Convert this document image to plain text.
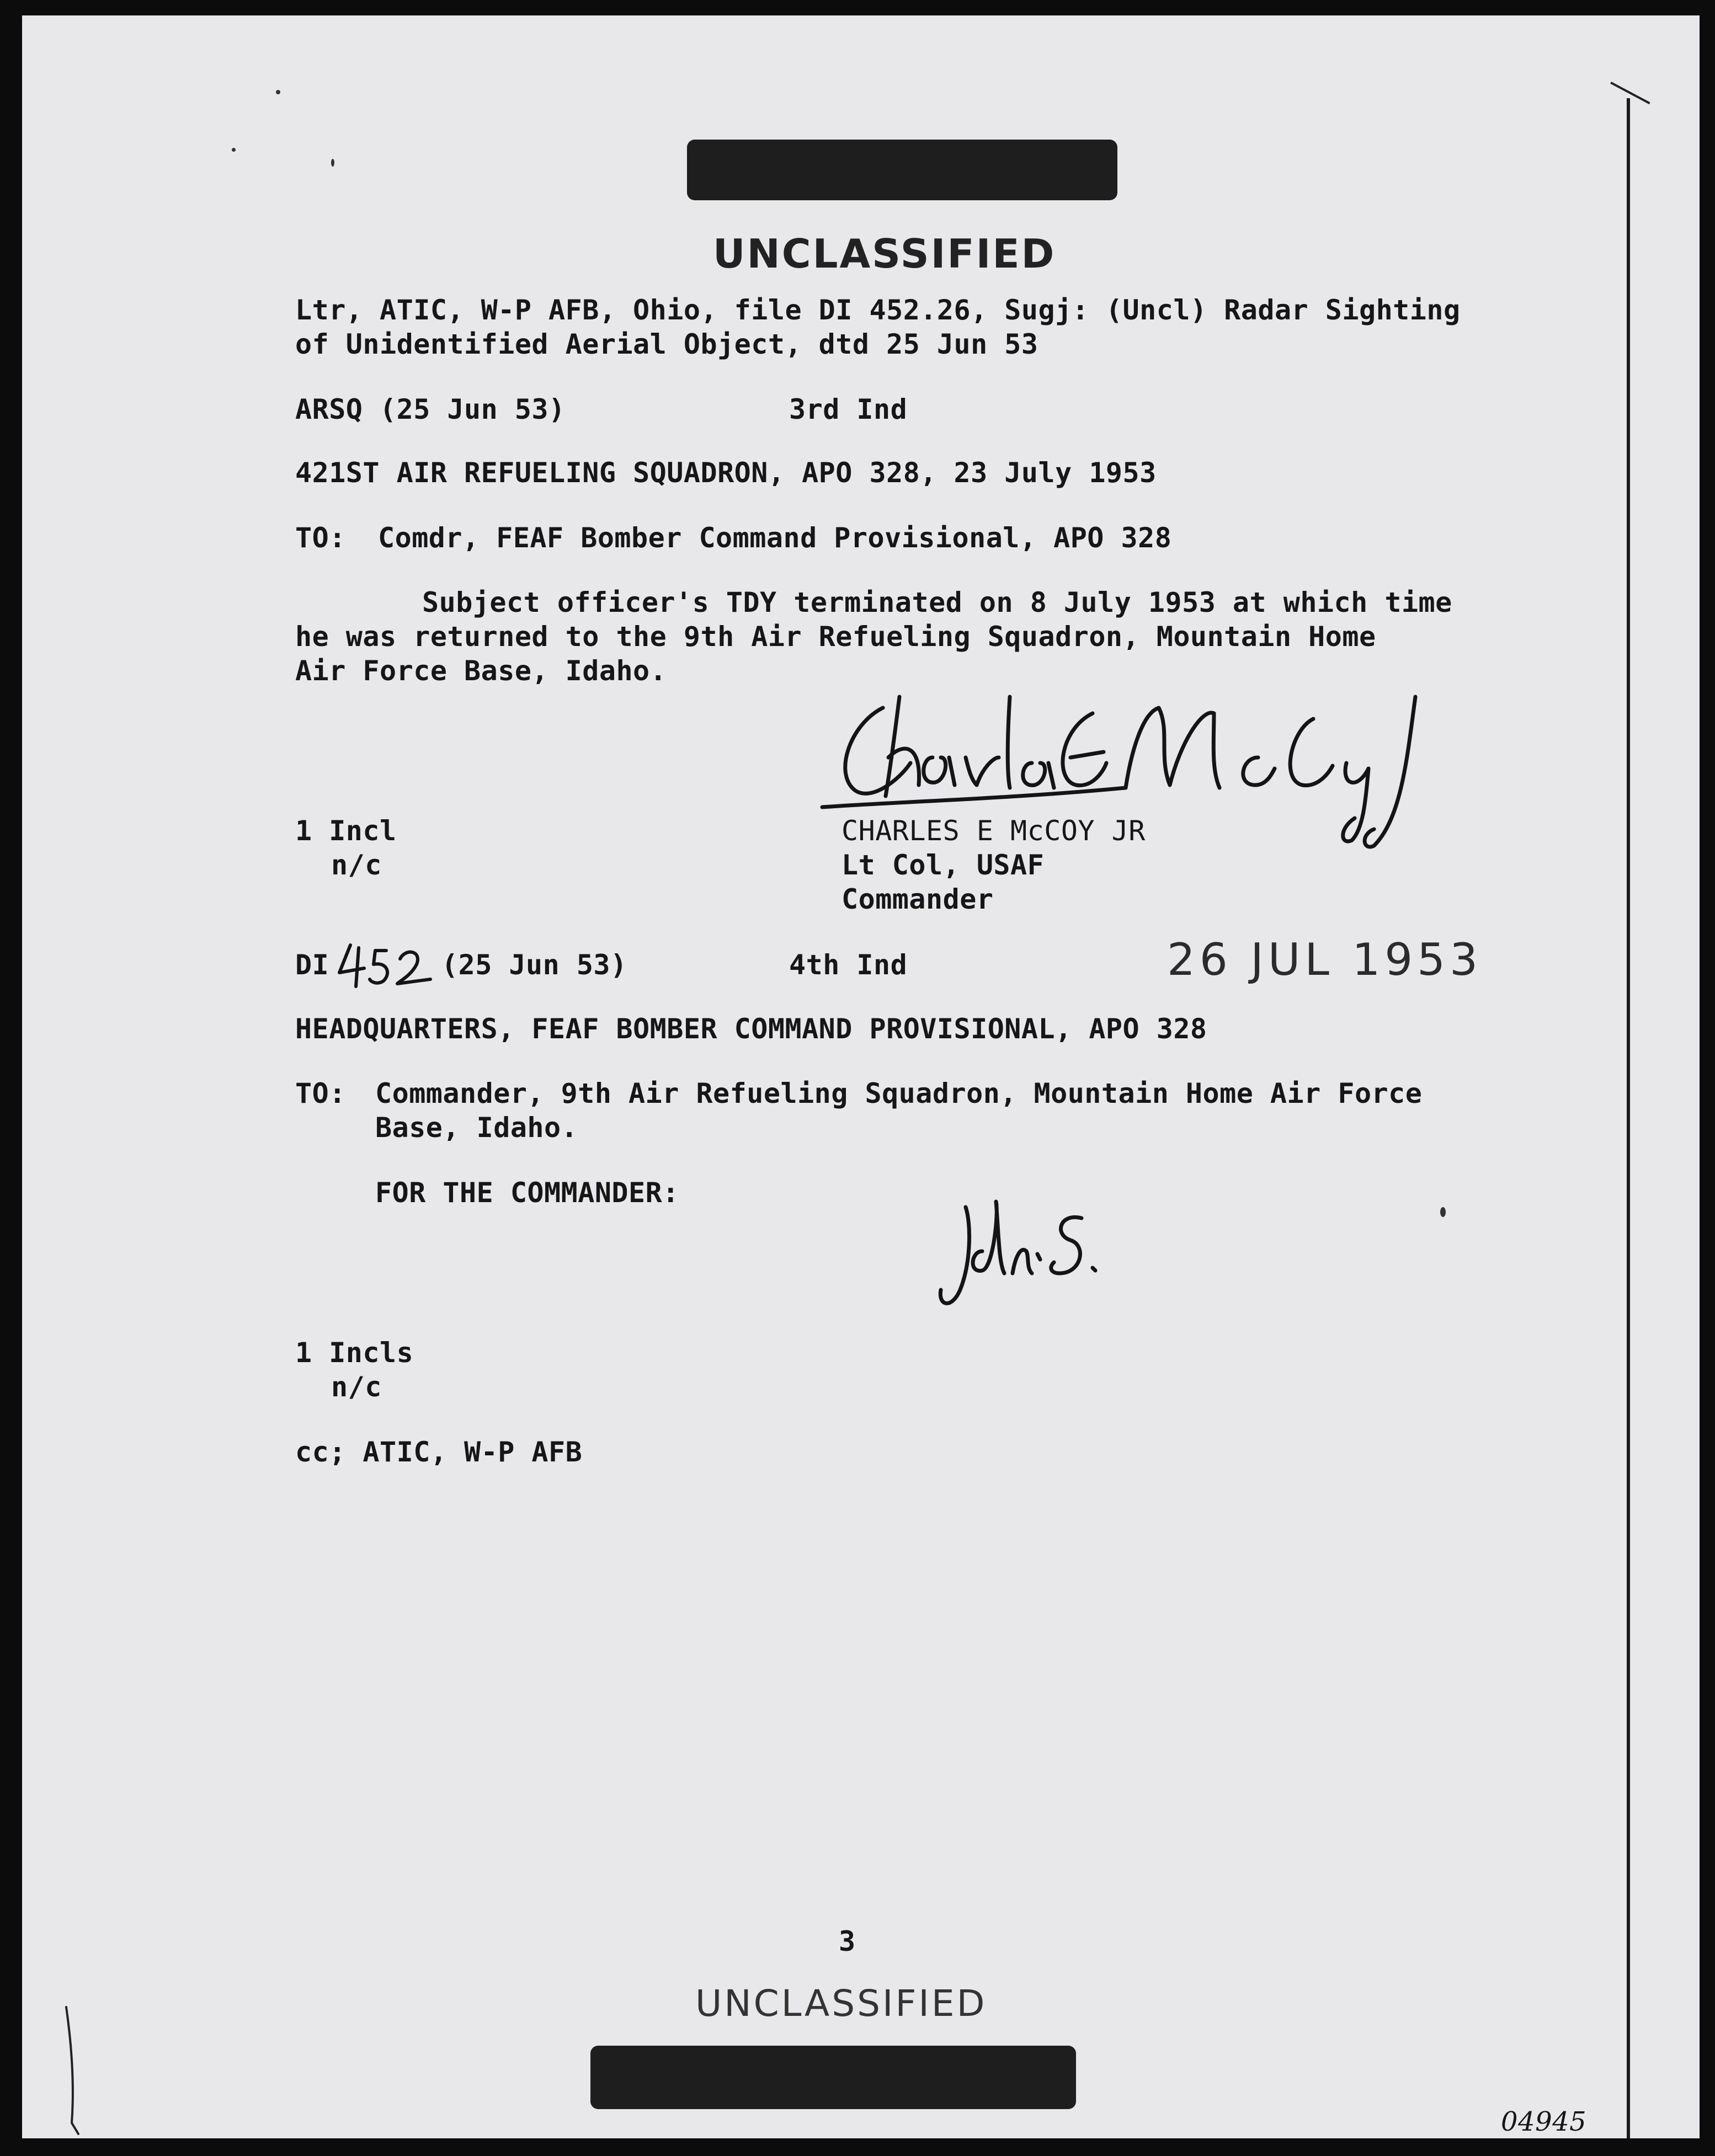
UNCLASSIFIED
Ltr, ATIC, W-P AFB, Ohio, file DI 452.26, Sugj: (Uncl) Radar Sighting
of Unidentified Aerial Object, dtd 25 Jun 53
ARSQ (25 Jun 53)	3rd Ind
421ST AIR REFUELING SQUADRON, APO 328, 23 July 1953
TO: Comdr, FEAF Bomber Command Provisional, APO 328
Subject officer's TDY terminated on 8 July 1953 at which time
he was returned to the 9th Air Refueling Squadron, Mountain Home
Air Force Base, Idaho.
1 Incl
n/c
CHARLES E McCOY JR
Lt Col, USAF
Commander
DI	(25 Jun 53)	4th Ind	26 JUL 1953
HEADQUARTERS, FEAF BOMBER COMMAND PROVISIONAL, APO 328
TO: Commander, 9th Air Refueling Squadron, Mountain Home Air Force
Base, Idaho.
FOR THE COMMANDER:
1 Incls
n/c
cc; ATIC, W-P AFB
3
UNCLASSIFIED
04945
